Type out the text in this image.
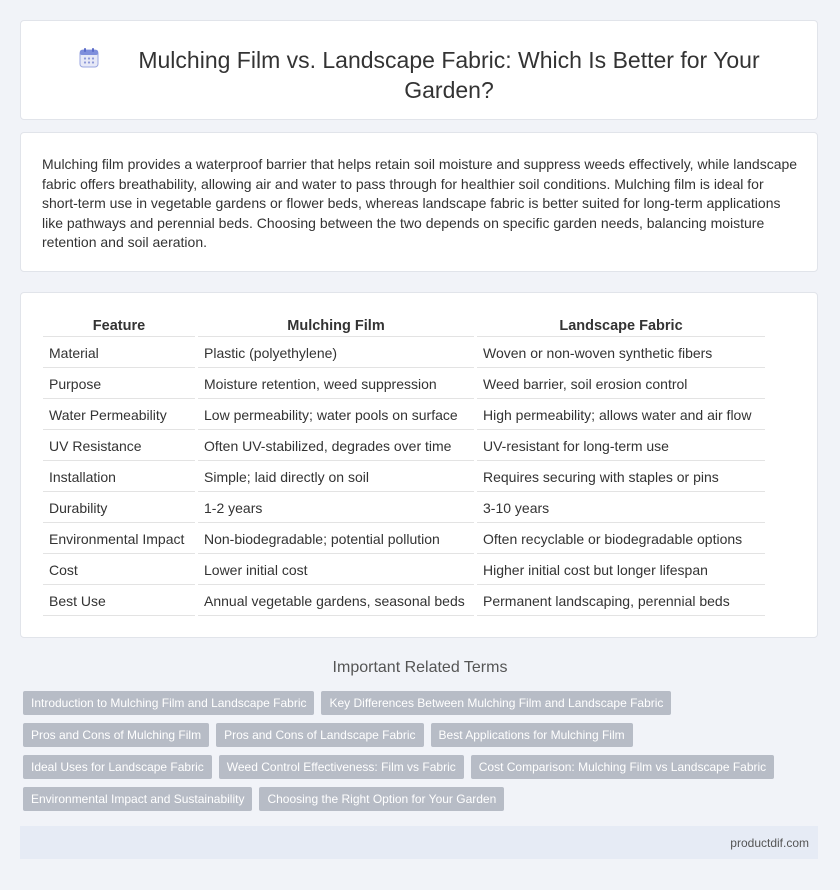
Mulching Film vs. Landscape Fabric: Which Is Better for Your Garden?

Mulching film provides a waterproof barrier that helps retain soil moisture and suppress weeds effectively, while landscape fabric offers breathability, allowing air and water to pass through for healthier soil conditions. Mulching film is ideal for short-term use in vegetable gardens or flower beds, whereas landscape fabric is better suited for long-term applications like pathways and perennial beds. Choosing between the two depends on specific garden needs, balancing moisture retention and soil aeration.

Feature	Mulching Film	Landscape Fabric
Material	Plastic (polyethylene)	Woven or non-woven synthetic fibers
Purpose	Moisture retention, weed suppression	Weed barrier, soil erosion control
Water Permeability	Low permeability; water pools on surface	High permeability; allows water and air flow
UV Resistance	Often UV-stabilized, degrades over time	UV-resistant for long-term use
Installation	Simple; laid directly on soil	Requires securing with staples or pins
Durability	1-2 years	3-10 years
Environmental Impact	Non-biodegradable; potential pollution	Often recyclable or biodegradable options
Cost	Lower initial cost	Higher initial cost but longer lifespan
Best Use	Annual vegetable gardens, seasonal beds	Permanent landscaping, perennial beds
Important Related Terms
Introduction to Mulching Film and Landscape Fabric	Key Differences Between Mulching Film and Landscape Fabric
Pros and Cons of Mulching Film	Pros and Cons of Landscape Fabric	Best Applications for Mulching Film
Ideal Uses for Landscape Fabric	Weed Control Effectiveness: Film vs Fabric	Cost Comparison: Mulching Film vs Landscape Fabric
Environmental Impact and Sustainability	Choosing the Right Option for Your Garden
productdif.com
